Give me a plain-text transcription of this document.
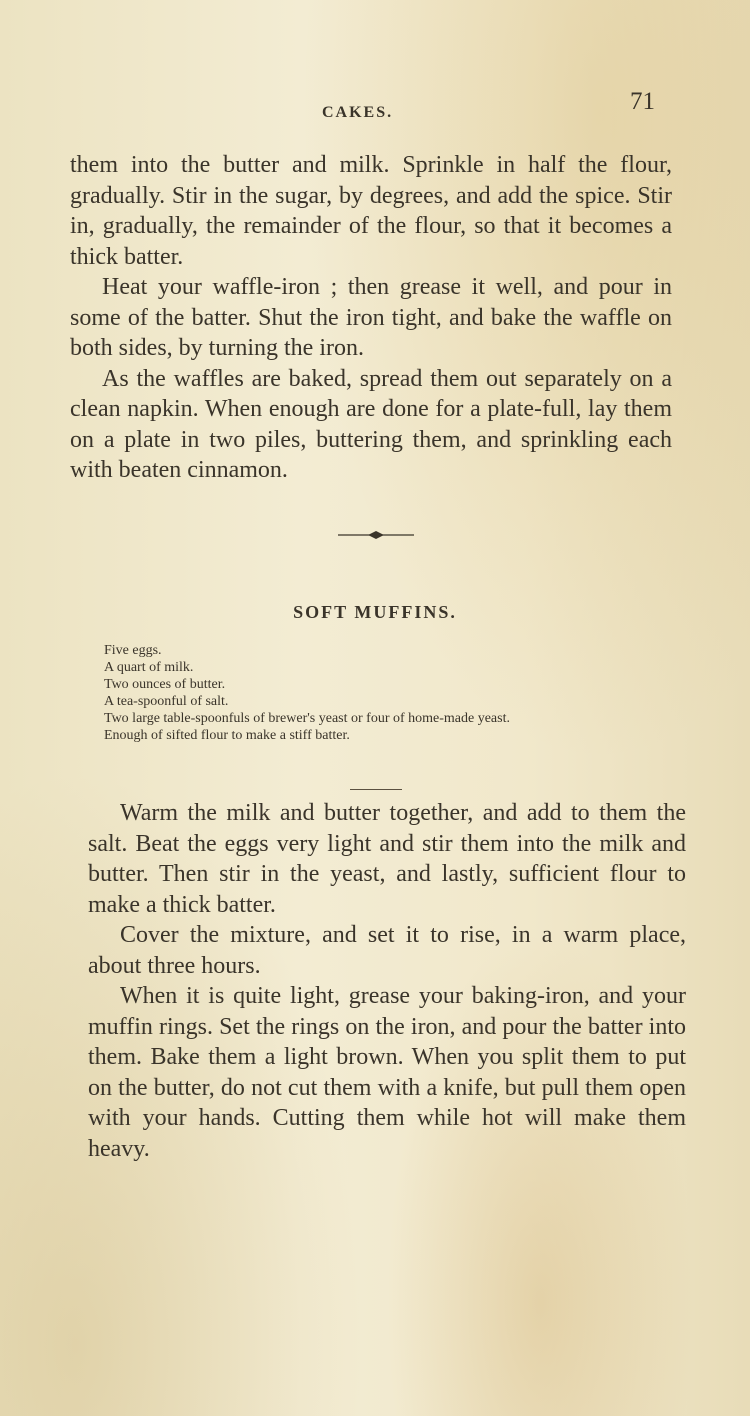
CAKES.	71

them into the butter and milk. Sprinkle in half the flour, gradually. Stir in the sugar, by degrees, and add the spice. Stir in, gradually, the remainder of the flour, so that it becomes a thick batter.

Heat your waffle-iron ; then grease it well, and pour in some of the batter. Shut the iron tight, and bake the waffle on both sides, by turning the iron.

As the waffles are baked, spread them out separately on a clean napkin. When enough are done for a plate-full, lay them on a plate in two piles, buttering them, and sprinkling each with beaten cinnamon.

SOFT MUFFINS.
Five eggs.
A quart of milk.
Two ounces of butter.
A tea-spoonful of salt.
Two large table-spoonfuls of brewer's yeast or four of home-made yeast.
Enough of sifted flour to make a stiff batter.

Warm the milk and butter together, and add to them the salt. Beat the eggs very light and stir them into the milk and butter. Then stir in the yeast, and lastly, sufficient flour to make a thick batter.

Cover the mixture, and set it to rise, in a warm place, about three hours.

When it is quite light, grease your baking-iron, and your muffin rings. Set the rings on the iron, and pour the batter into them. Bake them a light brown. When you split them to put on the butter, do not cut them with a knife, but pull them open with your hands. Cutting them while hot will make them heavy.
